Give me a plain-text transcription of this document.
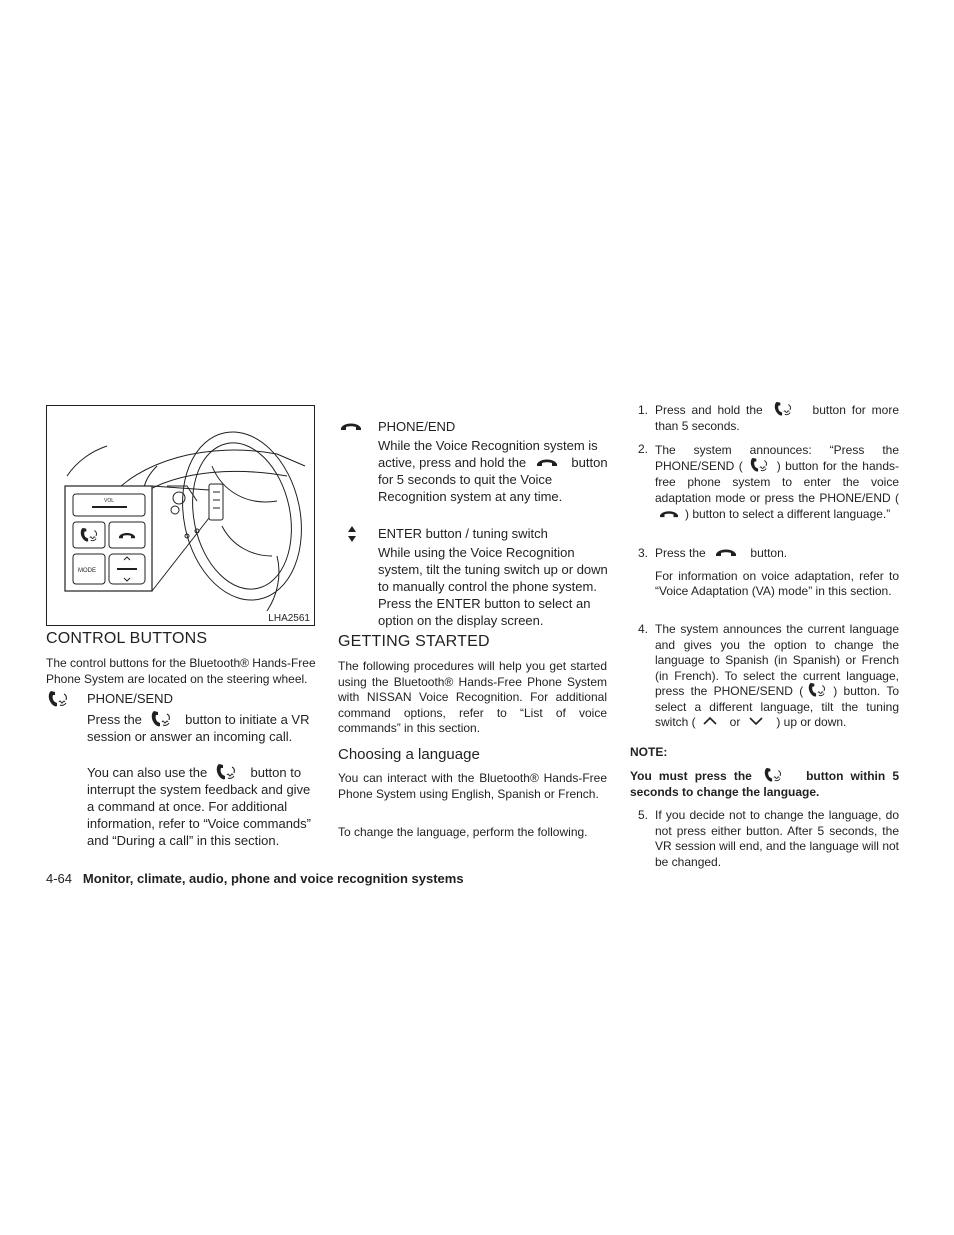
VOL
MODE
LHA2561
CONTROL BUTTONS
The control buttons for the Bluetooth® Hands-Free Phone System are located on the steering wheel.
PHONE/SEND
Press the	button to initiate a VR session or answer an incoming call.
You can also use the	button to interrupt the system feedback and give a command at once. For additional information, refer to “Voice commands” and “During a call” in this section.
PHONE/END
While the Voice Recognition system is active, press and hold the	button for 5 seconds to quit the Voice Recognition system at any time.
ENTER button / tuning switch
While using the Voice Recognition system, tilt the tuning switch up or down to manually control the phone system. Press the ENTER button to select an option on the display screen.
GETTING STARTED
The following procedures will help you get started using the Bluetooth® Hands-Free Phone System with NISSAN Voice Recognition. For additional command options, refer to “List of voice commands” in this section.
Choosing a language
You can interact with the Bluetooth® Hands-Free Phone System using English, Spanish or French.
To change the language, perform the following.
1. Press and hold the	button for more than 5 seconds.
2. The system announces: “Press the PHONE/SEND (	) button for the hands-free phone system to enter the voice adaptation mode or press the PHONE/END () button to select a different language.”
3. Press the	button.
For information on voice adaptation, refer to “Voice Adaptation (VA) mode” in this section.
4. The system announces the current language and gives you the option to change the language to Spanish (in Spanish) or French (in French). To select the current language, press the PHONE/SEND (	) button. To select a different language, tilt the tuning switch (	or	) up or down.
NOTE:
You must press the	button within 5 seconds to change the language.
5. If you decide not to change the language, do not press either button. After 5 seconds, the VR session will end, and the language will not be changed.
4-64 Monitor, climate, audio, phone and voice recognition systems
